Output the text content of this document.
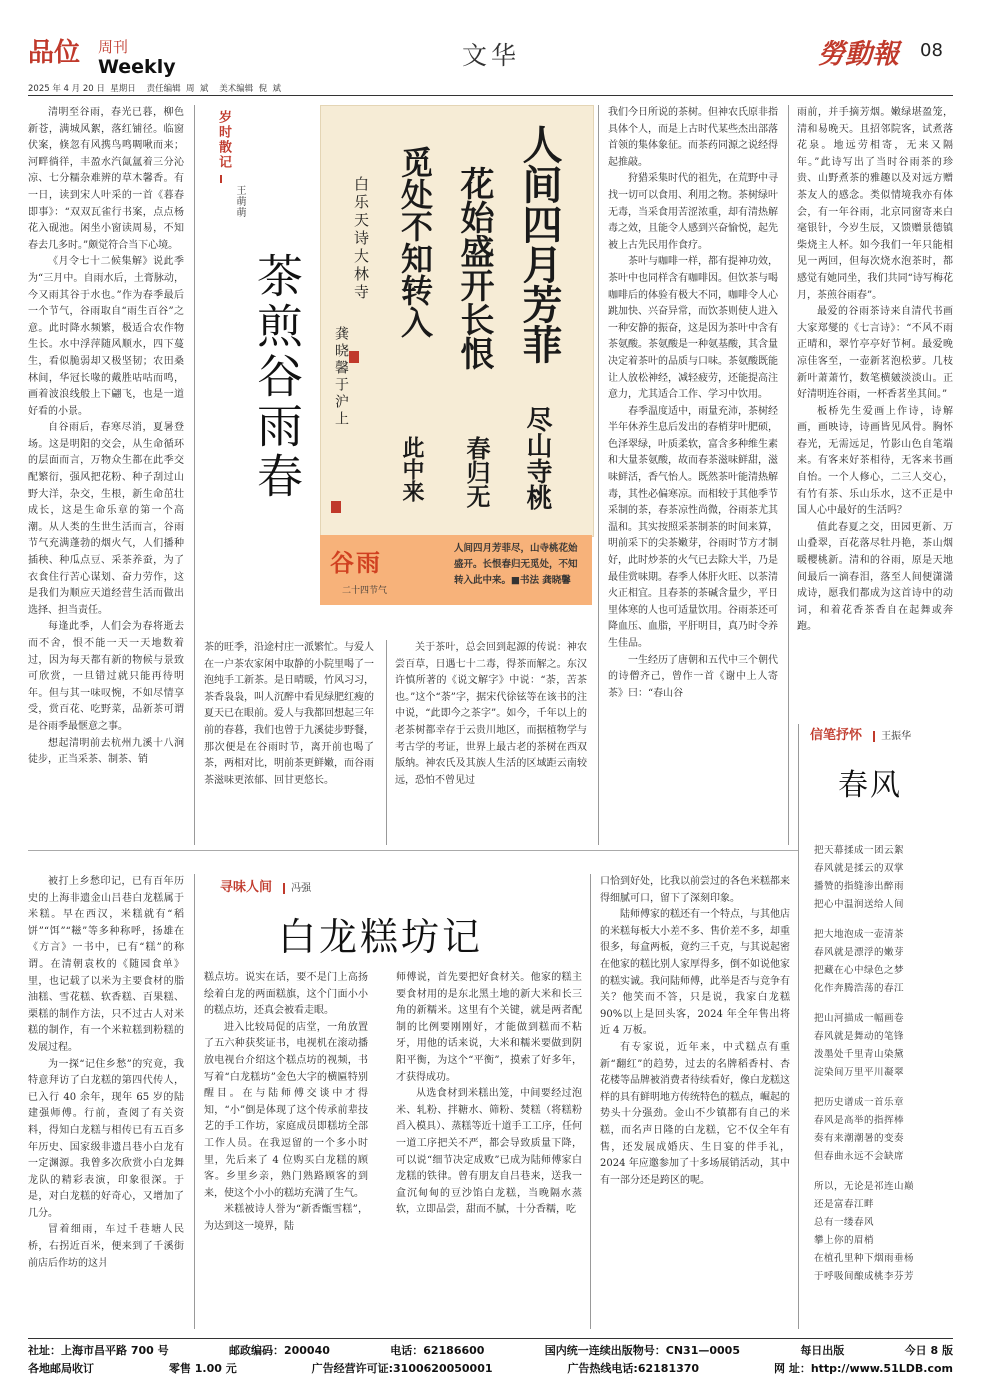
品位 周刊
Weekly	文华	勞動報 08
2025 年 4 月 20 日  星期日    责任编辑  周  斌    美术编辑  倪  斌

清明至谷雨，春光已暮，柳色新苍，满城风絮，落红铺径。临窗伏案，倏忽有风携鸟鸣啁啾而来；河畔徜徉，丰盈水汽氤氲着三分沁凉、七分糯杂难辨的草木馨香。有一日，读到宋人叶采的一首《暮春即事》：“双双瓦雀行书案，点点杨花入砚池。闲坐小窗读周易，不知春去几多时。”颇觉符合当下心境。

《月令七十二候集解》说此季为“三月中。自雨水后，土膏脉动，今又雨其谷于水也。”作为春季最后一个节气，谷雨取自“雨生百谷”之意。此时降水频繁，极适合农作物生长。水中浮萍随风顺水，四下蔓生，看似脆弱却又极坚韧；农田桑林间，华冠长喙的戴胜咕咕而鸣，画着波浪线般上下翩飞，也是一道好看的小景。

自谷雨后，春寒尽消，夏暑登场。这是明阳的交会，从生命循环的层面而言，万物众生都在此季交配繁衍，强风把花粉、种子刮过山野大洋，杂交，生根，新生命茁壮成长，这是生命乐章的第一个高潮。从人类的生世生活而言，谷雨节气充满蓬勃的烟火气，人们播种插秧、种瓜点豆、采茶养蚕，为了衣食住行苦心谋划、奋力劳作，这是我们为顺应天道经营生活而做出选择、担当责任。

每逢此季，人们会为春将逝去而不舍，恨不能一天一天地数着过，因为每天都有新的物候与景致可欣赏，一旦错过就只能再待明年。但与其一味叹惋，不如尽情享受，赏百花、吃野菜，品新茶可谓是谷雨季最惬意之事。

想起清明前去杭州九溪十八涧徒步，正当采茶、制茶、销

岁时散记
王萌萌
茶煎谷雨春
人间四月芳菲
尽山寺桃
花始盛开长恨
春归无
觅处不知转入
此中来
白乐天诗大林寺
龚晓馨于沪上
谷雨
二十四节气
人间四月芳菲尽，山寺桃花始盛开。长恨春归无觅处，不知转入此中来。■书法 龚晓馨

茶的旺季，沿途村庄一派繁忙。与爱人在一户茶农家闲中取静的小院里喝了一泡纯手工新茶。是日晴暖，竹风习习，茶香袅袅，叫人沉醉中看见绿肥红瘦的夏天已在眼前。爱人与我都回想起三年前的春暮，我们也曾于九溪徒步野餐，那次便是在谷雨时节，离开前也喝了茶，两相对比，明前茶更鲜嫩，而谷雨茶滋味更浓郁、回甘更悠长。

关于茶叶，总会回到起源的传说：神农尝百草，日遇七十二毒，得茶而解之。东汉许慎所著的《说文解字》中说：“荼，苦茶也。”这个“荼”字，据宋代徐铉等在该书的注中说，“此即今之茶字”。如今，千年以上的老茶树都幸存于云贵川地区，而据植物学与考古学的考证，世界上最古老的茶树在西双版纳。神农氏及其族人生活的区域距云南较远，恐怕不曾见过

我们今日所说的茶树。但神农氏原非指具体个人，而是上古时代某些杰出部落首领的集体象征。而茶药同源之说经得起推敲。

狩猎采集时代的祖先，在荒野中寻找一切可以食用、利用之物。茶树绿叶无毒，当采食用苦涩浓重，却有清热解毒之效，且能令人感到兴奋愉悦，起先被上古先民用作食疗。

茶叶与咖啡一样，都有提神功效，茶叶中也同样含有咖啡因。但饮茶与喝咖啡后的体验有极大不同，咖啡令人心跳加快、兴奋异常，而饮茶则使人进入一种安静的振奋，这是因为茶叶中含有茶氨酸。茶氨酸是一种氨基酸，其含量决定着茶叶的品质与口味。茶氨酸既能让人放松神经，减轻疲劳，还能提高注意力，尤其适合工作、学习中饮用。

春季温度适中，雨量充沛，茶树经半年休养生息后发出的春梢芽叶肥硕，色泽翠绿，叶质柔软，富含多种维生素和大量茶氨酸，故而春茶滋味鲜甜，滋味鲜活，香气怡人。既然茶叶能清热解毒，其性必偏寒凉。而相较于其他季节采制的茶，春茶凉性尚微，谷雨茶尤其温和。其实按照采茶制茶的时间来算，明前采下的尖茶嫩芽，谷雨时节方才制好，此时炒茶的火气已去除大半，乃是最佳赏味期。春季人体肝火旺、以茶清火正相宜。且春茶的茶碱含量少，平日里体寒的人也可适量饮用。谷雨茶还可降血压、血脂，平肝明目，真乃时令养生佳品。

一生经历了唐朝和五代中三个朝代的诗僧齐己，曾作一首《谢中上人寄茶》曰：“春山谷

雨前，并手摘芳烟。嫩绿堪盈笼，清和易晚天。且招邻院客，试煮落花泉。地远劳相寄，无来又隔年。”此诗写出了当时谷雨茶的珍贵、山野煮茶的雅趣以及对远方赠茶友人的感念。类似情境我亦有体会，有一年谷雨，北京同窗寄来白毫银针，今岁生辰，又馈赠景德镇柴烧主人杯。如今我们一年只能相见一两回，但每次烧水泡茶时，都感觉有她同坐，我们共同“诗写梅花月，茶煎谷雨春”。

最爱的谷雨茶诗来自清代书画大家郑燮的《七言诗》：“不风不雨正晴和，翠竹亭亭好节柯。最爱晚凉佳客至，一壶新茗泡松萝。几枝新叶萧萧竹，数笔横皴淡淡山。正好清明连谷雨，一杯香茗坐其间。”

板桥先生爱画上作诗，诗解画，画映诗，诗画皆见风骨。胸怀春光，无需远足，竹影山色自笔端来。有客来好茶相待，无客来书画自怡。一个人修心，二三人交心，有竹有茶、乐山乐水，这不正是中国人心中最好的生活吗？

值此春夏之交，田园更新、万山叠翠，百花落尽牡丹艳，茶山烟暖樱桃新。清和的谷雨，原是天地间最后一滴春泪，落至人间便潇潇成诗，愿我们都成为这首诗中的动词，和着花香茶香自在起舞或奔跑。

信笔抒怀 王振华
春风
把天幕揉成一团云絮
春风就是揉云的双掌
播赞的指缝渗出醉雨
把心中温润送给人间
把大地泡成一壶清茶
春风就是漂浮的嫩芽
把藏在心中绿色之梦
化作奔腾浩荡的春江
把山河描成一幅画卷
春风就是舞动的笔锋
泼墨处千里青山染黛
淀染间万里平川凝翠
把历史谱成一首乐章
春风是高举的指挥棒
奏有来潮潮暑的变奏
但春曲永远不会缺席
所以，无论是祁连山巅
还是富春江畔
总有一缕春风
攀上你的眉梢
在植孔里种下烟雨垂杨
于呼吸间酿成桃李芬芳

被打上乡愁印记，已有百年历史的上海非遗金山吕巷白龙糕属于米糕。早在西汉，米糕就有“稻饼”“饵”“糍”等多种称呼，扬雄在《方言》一书中，已有“糕”的称谓。在清朝袁枚的《随园食单》里，也记载了以米为主要食材的脂油糕、雪花糕、软香糕、百果糕、栗糕的制作方法，只不过古人对米糕的制作，有一个米粒糕到粉糕的发展过程。

为一探“记住乡愁”的究竟，我特意拜访了白龙糕的第四代传人，已入行 40 余年，现年 65 岁的陆建强师傅。行前，查阅了有关资料，得知白龙糕与相传已有五百多年历史、国家级非遗吕巷小白龙有一定渊源。我曾多次欣赏小白龙舞龙队的精彩表演，印象很深。于是，对白龙糕的好奇心，又增加了几分。

冒着细雨，车过千巷塘人民桥，右拐近百米，便来到了千溪街前店后作坊的这爿

寻味人间 冯强
白龙糕坊记

糕点坊。说实在话，要不是门上高扬绘着白龙的两面糕旗，这个门面小小的糕点坊，还真会被看走眼。

进入比较局促的店堂，一角放置了五六种获奖证书，电视机在滚动播放电视台介绍这个糕点坊的视频，书写着“白龙糕坊”金色大字的横匾特别醒目。在与陆师傅交谈中才得知，“小”倒是体现了这个传承前辈技艺的手工作坊，家庭成员即糕坊全部工作人员。在我逗留的一个多小时里，先后来了 4 位购买白龙糕的顾客。乡里乡亲，熟门熟路顾客的到来，使这个小小的糕坊充满了生气。

米糕被诗人誉为“新香甑雪糕”，为达到这一境界，陆

师傅说，首先要把好食材关。他家的糕主要食材用的是东北黑土地的新大米和长三角的新糯米。这里有个关键，就是两者配制的比例要刚刚好，才能做到糕而不粘牙，用他的话来说，大米和糯米要做到阴阳平衡，为这个“平衡”，摸索了好多年，才获得成功。

从选食材到米糕出笼，中间要经过泡米、轧粉、拌糖水、筛粉、焚糕（将糕粉舀入模具）、蒸糕等近十道手工工序，任何一道工序把关不严，都会导致质量下降，可以说“细节决定成败”已成为陆师傅家白龙糕的铁律。曾有朋友自吕巷来，送我一盒沉甸甸的豆沙馅白龙糕，当晚隔水蒸软，立即品尝，甜而不腻，十分香糯，吃

口恰到好处，比我以前尝过的各色米糕都来得细腻可口，留下了深刻印象。

陆师傅家的糕还有一个特点，与其他店的米糕每板大小差不多、售价差不多，却重很多，每盒两板，竟约三千克，与其说起密在他家的糕比别人家厚得多，倒不如说他家的糕实诚。我问陆师傅，此举是否与竞争有关？他笑而不答，只是说，我家白龙糕 90%以上是回头客，2024 年全年售出将近 4 万板。

有专家说，近年来，中式糕点有重新“翻红”的趋势，过去的名牌稻香村、杏花楼等品牌被消费者待续看好，像白龙糕这样的具有鲜明地方传统特色的糕点，崛起的势头十分强劲。金山不少镇都有自己的米糕，而名声日隆的白龙糕，它不仅全年有售，还发展成婚庆、生日宴的伴手礼，2024 年应邀参加了十多场展销活动，其中有一部分还是跨区的呢。

社址：上海市昌平路 700 号	邮政编码：200040	电话：62186600	国内统一连续出版物号：CN31—0005	每日出版	今日 8 版
各地邮局收订	零售 1.00 元	广告经营许可证:3100620050001	广告热线电话:62181370	网 址：http://www.51LDB.com
